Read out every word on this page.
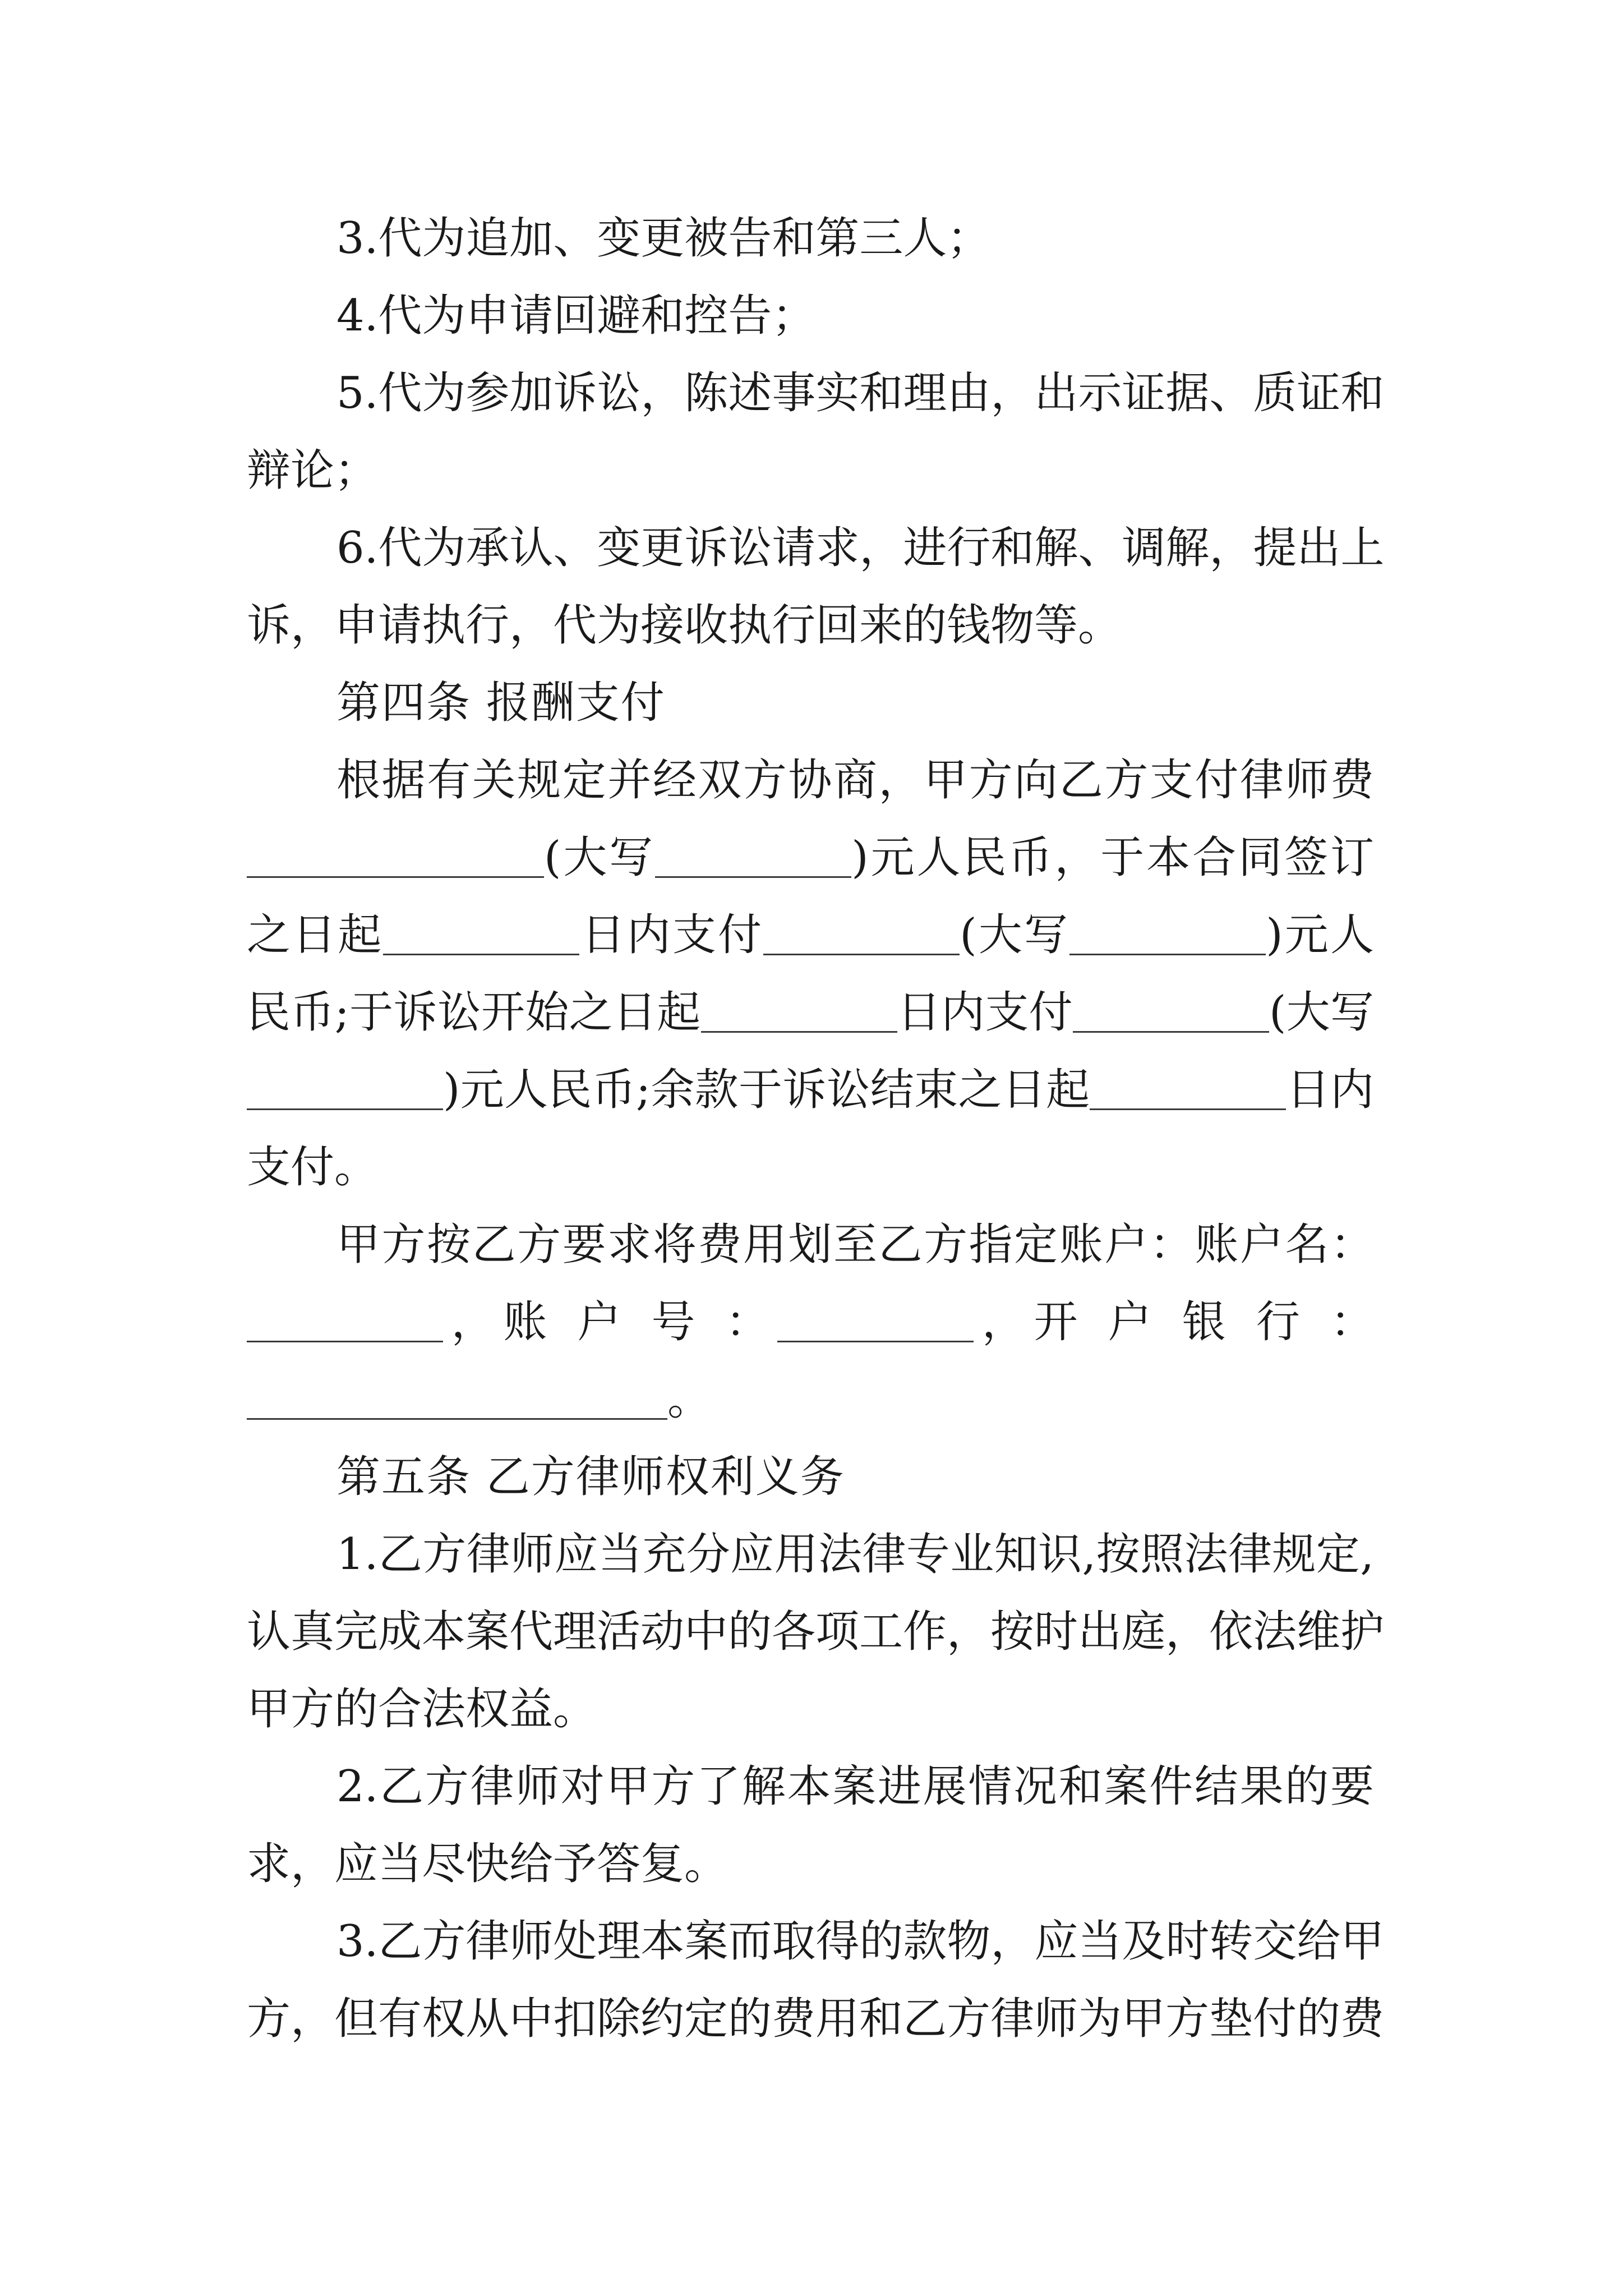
3.代为追加、变更被告和第三人；
4.代为申请回避和控告；
5.代为参加诉讼，陈述事实和理由，出示证据、质证和
辩论；
6.代为承认、变更诉讼请求，进行和解、调解，提出上
诉，申请执行，代为接收执行回来的钱物等。
第四条 报酬支付
根据有关规定并经双方协商，甲方向乙方支付律师费
(大写	)元人民币，于本合同签订
之日起	日内支付	(大写	)元人
民币;于诉讼开始之日起	日内支付	(大写
)元人民币;余款于诉讼结束之日起	日内
支付。
甲方按乙方要求将费用划至乙方指定账户：账户名：
，账 户 号 ：	，开 户 银 行 ：
。
第五条 乙方律师权利义务
1.乙方律师应当充分应用法律专业知识,按照法律规定,
认真完成本案代理活动中的各项工作，按时出庭，依法维护
甲方的合法权益。
2.乙方律师对甲方了解本案进展情况和案件结果的要
求，应当尽快给予答复。
3.乙方律师处理本案而取得的款物，应当及时转交给甲
方，但有权从中扣除约定的费用和乙方律师为甲方垫付的费
